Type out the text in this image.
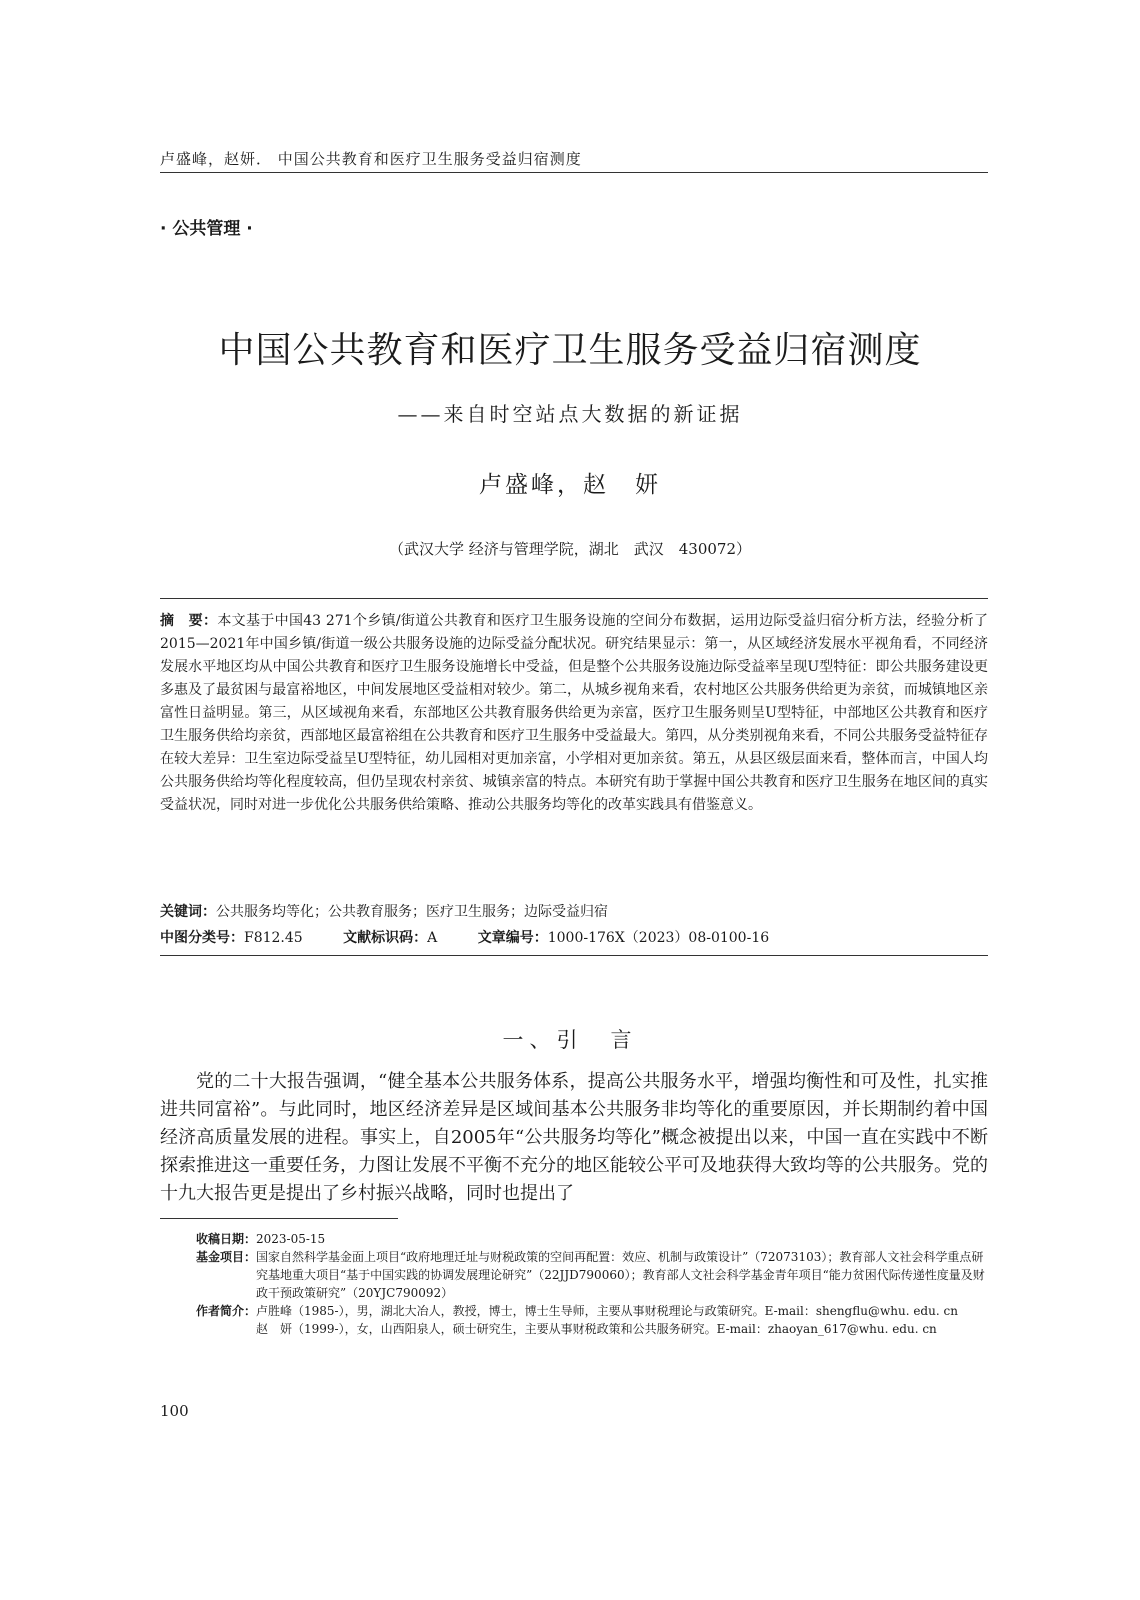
卢盛峰，赵妍． 中国公共教育和医疗卫生服务受益归宿测度
· 公共管理 ·
中国公共教育和医疗卫生服务受益归宿测度
——来自时空站点大数据的新证据
卢盛峰，赵　妍
（武汉大学 经济与管理学院，湖北　武汉　430072）
摘　要：本文基于中国43 271个乡镇/街道公共教育和医疗卫生服务设施的空间分布数据，运用边际受益归宿分析方法，经验分析了2015—2021年中国乡镇/街道一级公共服务设施的边际受益分配状况。研究结果显示：第一，从区域经济发展水平视角看，不同经济发展水平地区均从中国公共教育和医疗卫生服务设施增长中受益，但是整个公共服务设施边际受益率呈现U型特征：即公共服务建设更多惠及了最贫困与最富裕地区，中间发展地区受益相对较少。第二，从城乡视角来看，农村地区公共服务供给更为亲贫，而城镇地区亲富性日益明显。第三，从区域视角来看，东部地区公共教育服务供给更为亲富，医疗卫生服务则呈U型特征，中部地区公共教育和医疗卫生服务供给均亲贫，西部地区最富裕组在公共教育和医疗卫生服务中受益最大。第四，从分类别视角来看，不同公共服务受益特征存在较大差异：卫生室边际受益呈U型特征，幼儿园相对更加亲富，小学相对更加亲贫。第五，从县区级层面来看，整体而言，中国人均公共服务供给均等化程度较高，但仍呈现农村亲贫、城镇亲富的特点。本研究有助于掌握中国公共教育和医疗卫生服务在地区间的真实受益状况，同时对进一步优化公共服务供给策略、推动公共服务均等化的改革实践具有借鉴意义。
关键词：公共服务均等化；公共教育服务；医疗卫生服务；边际受益归宿
中图分类号：F812.45	文献标识码：A	文章编号：1000-176X（2023）08-0100-16
一、引　言
党的二十大报告强调，“健全基本公共服务体系，提高公共服务水平，增强均衡性和可及性，扎实推进共同富裕”。与此同时，地区经济差异是区域间基本公共服务非均等化的重要原因，并长期制约着中国经济高质量发展的进程。事实上，自2005年“公共服务均等化”概念被提出以来，中国一直在实践中不断探索推进这一重要任务，力图让发展不平衡不充分的地区能较公平可及地获得大致均等的公共服务。党的十九大报告更是提出了乡村振兴战略，同时也提出了
收稿日期： 2023-05-15
基金项目： 国家自然科学基金面上项目“政府地理迁址与财税政策的空间再配置：效应、机制与政策设计”（72073103）；教育部人文社会科学重点研究基地重大项目“基于中国实践的协调发展理论研究”（22JJD790060）；教育部人文社会科学基金青年项目“能力贫困代际传递性度量及财政干预政策研究”（20YJC790092）
作者简介： 卢胜峰（1985-），男，湖北大冶人，教授，博士，博士生导师，主要从事财税理论与政策研究。E-mail：shengflu@whu. edu. cn

赵　妍（1999-），女，山西阳泉人，硕士研究生，主要从事财税政策和公共服务研究。E-mail：zhaoyan_617@whu. edu. cn

100
